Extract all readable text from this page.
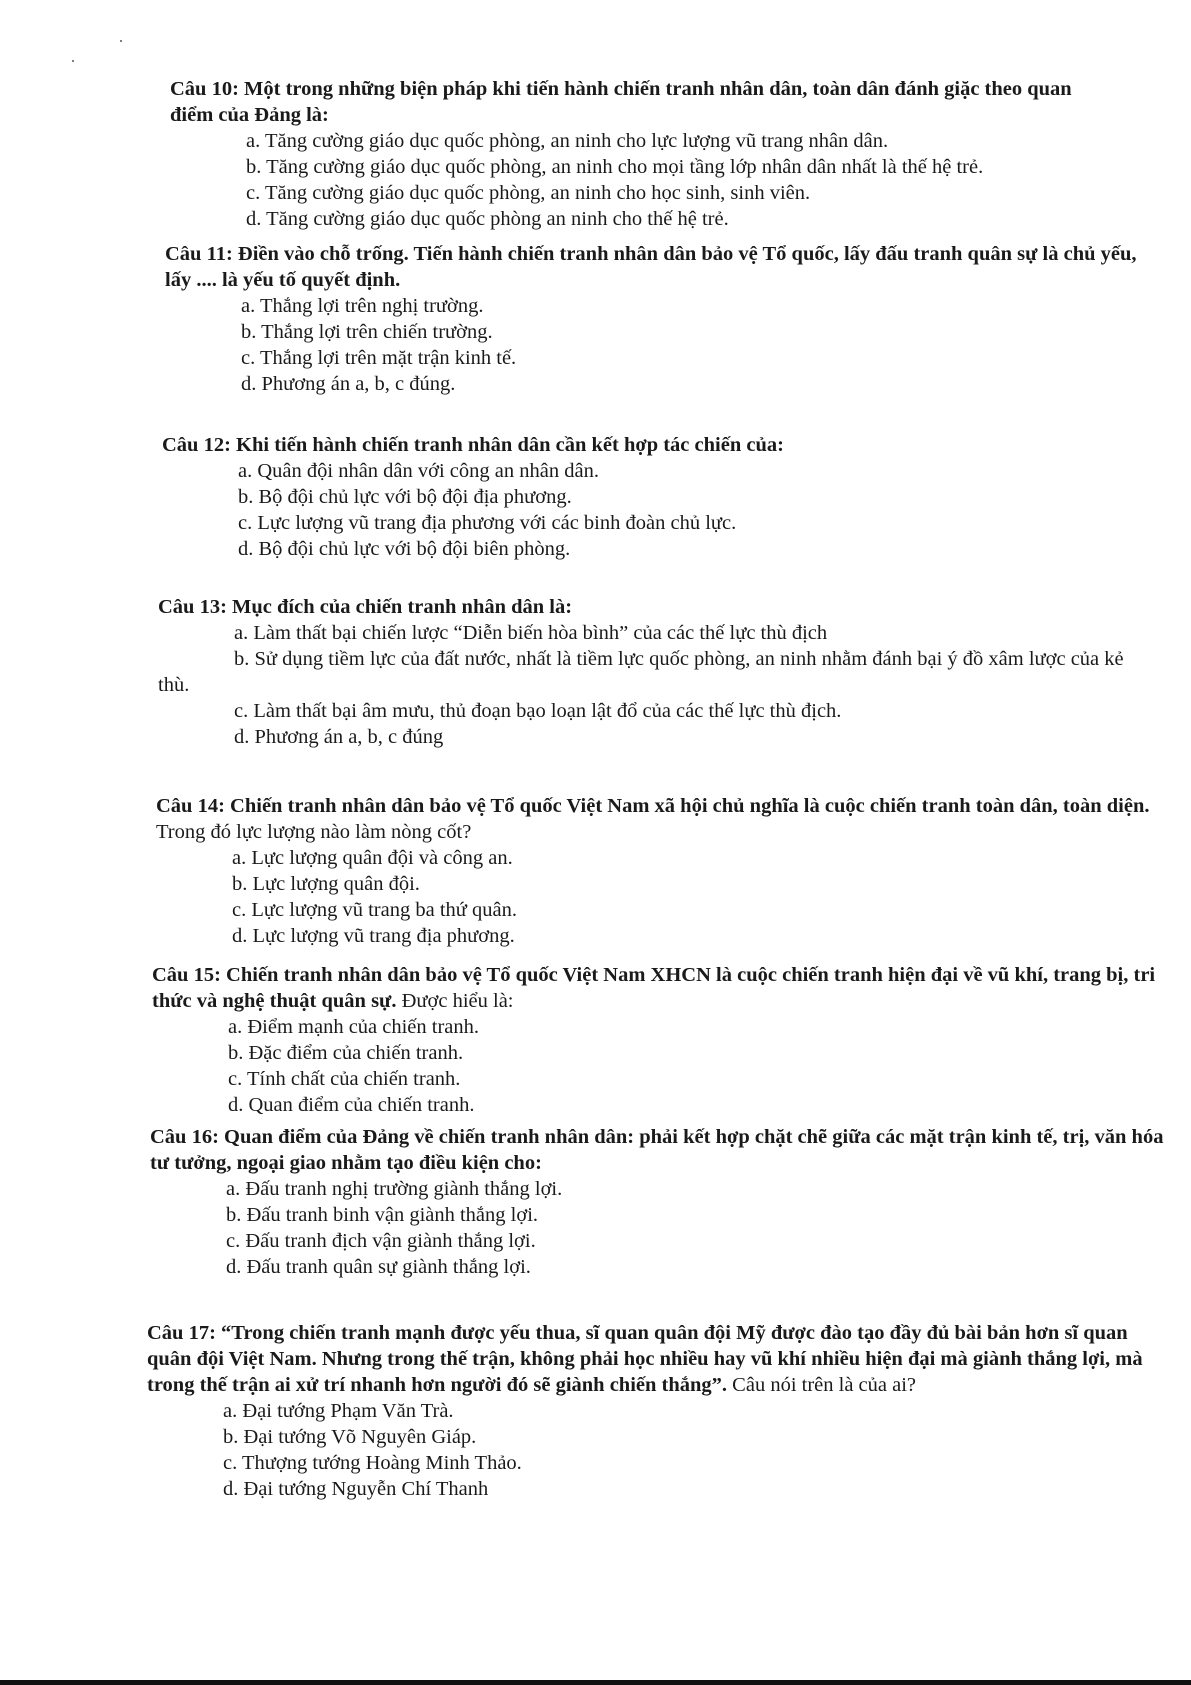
Câu 10: Một trong những biện pháp khi tiến hành chiến tranh nhân dân, toàn dân đánh giặc theo quan điểm của Đảng là:

a. Tăng cường giáo dục quốc phòng, an ninh cho lực lượng vũ trang nhân dân.

b. Tăng cường giáo dục quốc phòng, an ninh cho mọi tầng lớp nhân dân nhất là thế hệ trẻ.

c. Tăng cường giáo dục quốc phòng, an ninh cho học sinh, sinh viên.

d. Tăng cường giáo dục quốc phòng an ninh cho thế hệ trẻ.

Câu 11: Điền vào chỗ trống. Tiến hành chiến tranh nhân dân bảo vệ Tổ quốc, lấy đấu tranh quân sự là chủ yếu, lấy .... là yếu tố quyết định.

a. Thắng lợi trên nghị trường.

b. Thắng lợi trên chiến trường.

c. Thắng lợi trên mặt trận kinh tế.

d. Phương án a, b, c đúng.

Câu 12: Khi tiến hành chiến tranh nhân dân cần kết hợp tác chiến của:

a. Quân đội nhân dân với công an nhân dân.

b. Bộ đội chủ lực với bộ đội địa phương.

c. Lực lượng vũ trang địa phương với các binh đoàn chủ lực.

d. Bộ đội chủ lực với bộ đội biên phòng.

Câu 13: Mục đích của chiến tranh nhân dân là:

a. Làm thất bại chiến lược “Diễn biến hòa bình” của các thế lực thù địch

b. Sử dụng tiềm lực của đất nước, nhất là tiềm lực quốc phòng, an ninh nhằm đánh bại ý đồ xâm lược của kẻ thù.

c. Làm thất bại âm mưu, thủ đoạn bạo loạn lật đổ của các thế lực thù địch.

d. Phương án a, b, c đúng

Câu 14: Chiến tranh nhân dân bảo vệ Tổ quốc Việt Nam xã hội chủ nghĩa là cuộc chiến tranh toàn dân, toàn diện. Trong đó lực lượng nào làm nòng cốt?

a. Lực lượng quân đội và công an.

b. Lực lượng quân đội.

c. Lực lượng vũ trang ba thứ quân.

d. Lực lượng vũ trang địa phương.

Câu 15: Chiến tranh nhân dân bảo vệ Tổ quốc Việt Nam XHCN là cuộc chiến tranh hiện đại về vũ khí, trang bị, tri thức và nghệ thuật quân sự. Được hiểu là:

a. Điểm mạnh của chiến tranh.

b. Đặc điểm của chiến tranh.

c. Tính chất của chiến tranh.

d. Quan điểm của chiến tranh.

Câu 16: Quan điểm của Đảng về chiến tranh nhân dân: phải kết hợp chặt chẽ giữa các mặt trận kinh tế, trị, văn hóa tư tưởng, ngoại giao nhằm tạo điều kiện cho:

a. Đấu tranh nghị trường giành thắng lợi.

b. Đấu tranh binh vận giành thắng lợi.

c. Đấu tranh địch vận giành thắng lợi.

d. Đấu tranh quân sự giành thắng lợi.

Câu 17: “Trong chiến tranh mạnh được yếu thua, sĩ quan quân đội Mỹ được đào tạo đầy đủ bài bản hơn sĩ quan quân đội Việt Nam. Nhưng trong thế trận, không phải học nhiều hay vũ khí nhiều hiện đại mà giành thắng lợi, mà trong thế trận ai xử trí nhanh hơn người đó sẽ giành chiến thắng”. Câu nói trên là của ai?

a. Đại tướng Phạm Văn Trà.

b. Đại tướng Võ Nguyên Giáp.

c. Thượng tướng Hoàng Minh Thảo.

d. Đại tướng Nguyễn Chí Thanh
